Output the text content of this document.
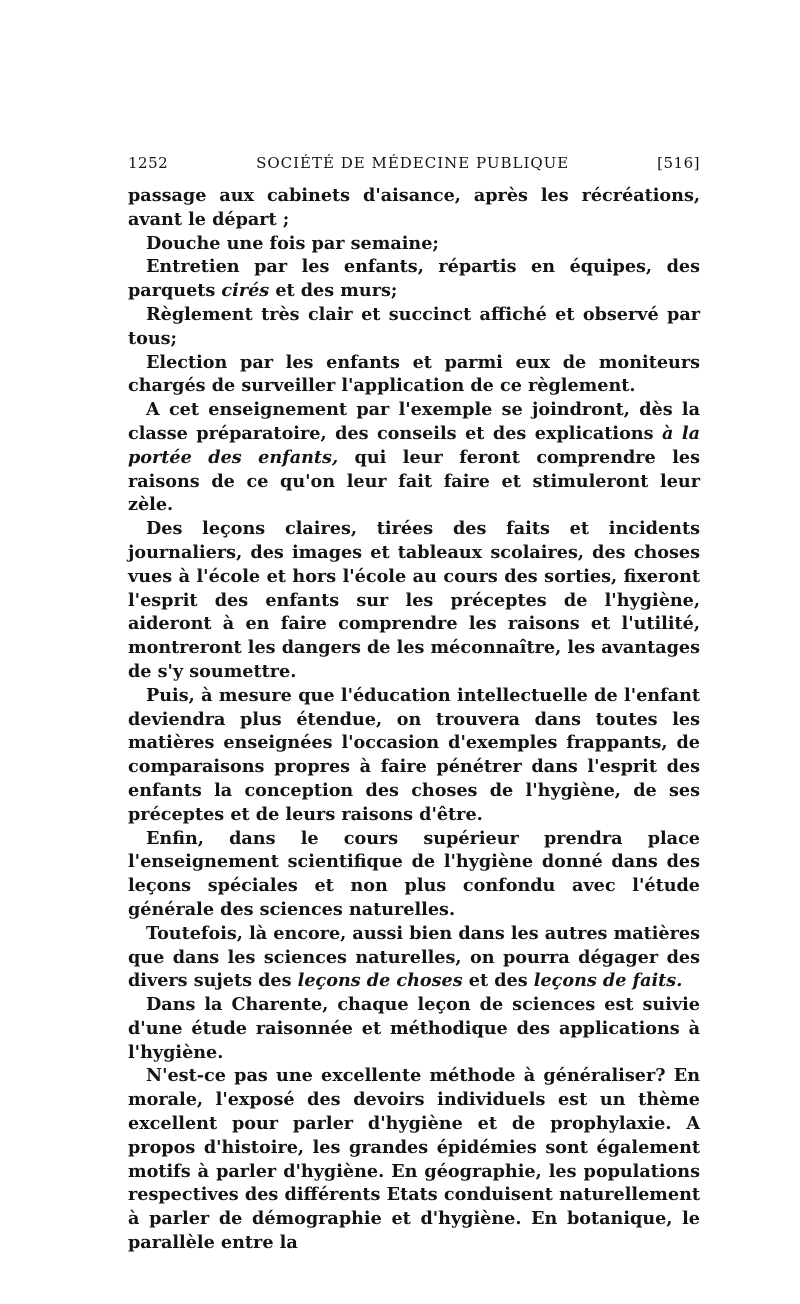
1252	SOCIÉTÉ DE MÉDECINE PUBLIQUE	[516]

passage aux cabinets d'aisance, après les récréations, avant le départ ;

Douche une fois par semaine;

Entretien par les enfants, répartis en équipes, des parquets cirés et des murs;

Règlement très clair et succinct affiché et observé par tous;

Election par les enfants et parmi eux de moniteurs chargés de surveiller l'application de ce règlement.

A cet enseignement par l'exemple se joindront, dès la classe préparatoire, des conseils et des explications à la portée des enfants, qui leur feront comprendre les raisons de ce qu'on leur fait faire et stimuleront leur zèle.

Des leçons claires, tirées des faits et incidents journaliers, des images et tableaux scolaires, des choses vues à l'école et hors l'école au cours des sorties, fixeront l'esprit des enfants sur les préceptes de l'hygiène, aideront à en faire comprendre les raisons et l'utilité, montreront les dangers de les méconnaître, les avantages de s'y soumettre.

Puis, à mesure que l'éducation intellectuelle de l'enfant deviendra plus étendue, on trouvera dans toutes les matières enseignées l'occasion d'exemples frappants, de comparaisons propres à faire pénétrer dans l'esprit des enfants la conception des choses de l'hygiène, de ses préceptes et de leurs raisons d'être.

Enfin, dans le cours supérieur prendra place l'enseignement scientifique de l'hygiène donné dans des leçons spéciales et non plus confondu avec l'étude générale des sciences naturelles.

Toutefois, là encore, aussi bien dans les autres matières que dans les sciences naturelles, on pourra dégager des divers sujets des leçons de choses et des leçons de faits.

Dans la Charente, chaque leçon de sciences est suivie d'une étude raisonnée et méthodique des applications à l'hygiène.

N'est-ce pas une excellente méthode à généraliser? En morale, l'exposé des devoirs individuels est un thème excellent pour parler d'hygiène et de prophylaxie. A propos d'histoire, les grandes épidémies sont également motifs à parler d'hygiène. En géographie, les populations respectives des différents Etats conduisent naturellement à parler de démographie et d'hygiène. En botanique, le parallèle entre la
